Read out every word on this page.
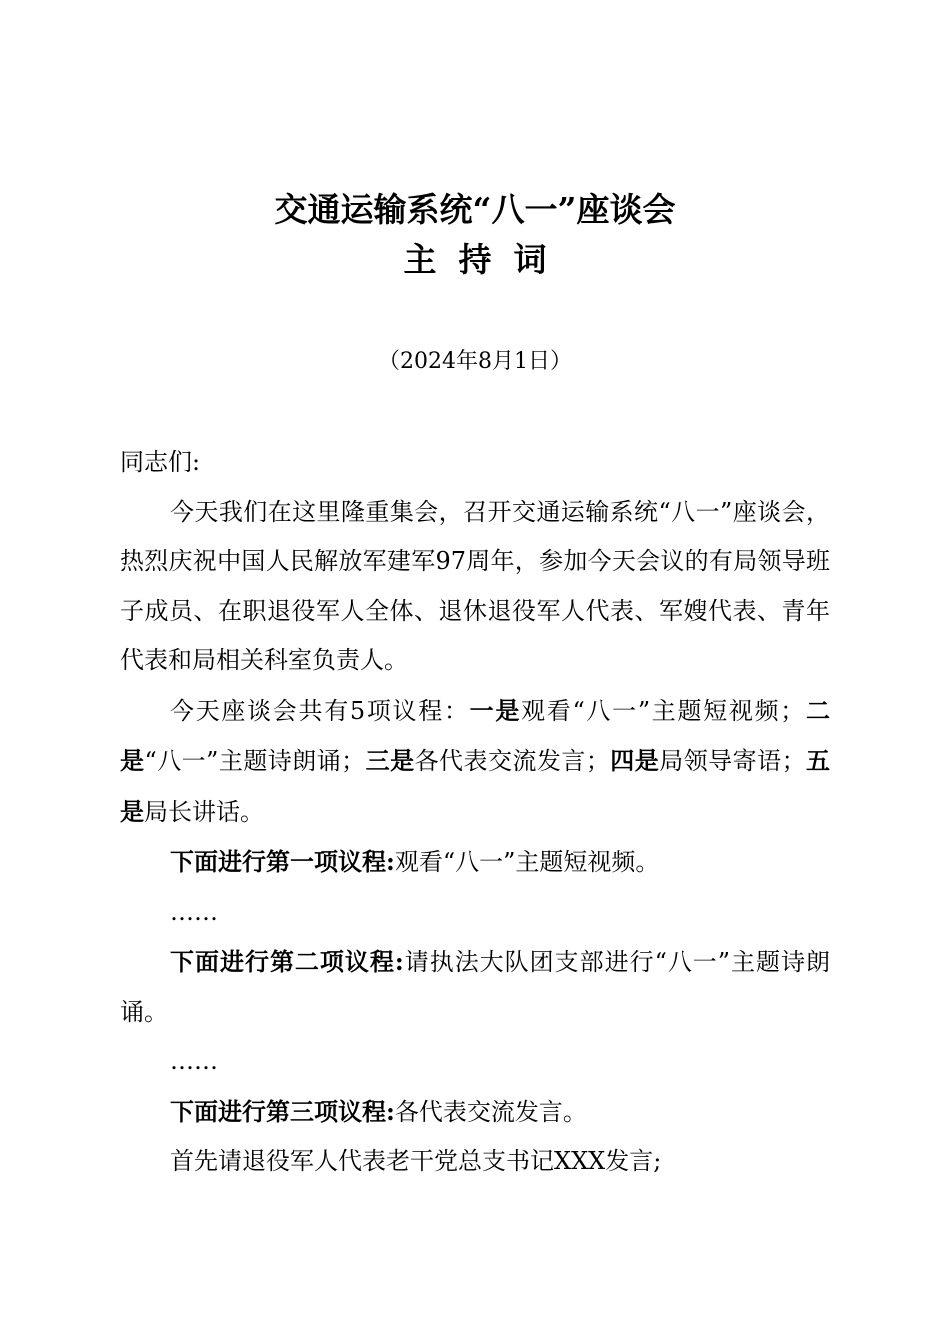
交通运输系统“八一”座谈会
主持词
（2024年8月1日）

同志们:

今天我们在这里隆重集会，召开交通运输系统“八一”座谈会，热烈庆祝中国人民解放军建军97周年，参加今天会议的有局领导班子成员、在职退役军人全体、退休退役军人代表、军嫂代表、青年代表和局相关科室负责人。

今天座谈会共有5项议程：一是观看“八一”主题短视频；二是“八一”主题诗朗诵；三是各代表交流发言；四是局领导寄语；五是局长讲话。

下面进行第一项议程:观看“八一”主题短视频。

……

下面进行第二项议程:请执法大队团支部进行“八一”主题诗朗诵。

……

下面进行第三项议程:各代表交流发言。

首先请退役军人代表老干党总支书记XXX发言;
